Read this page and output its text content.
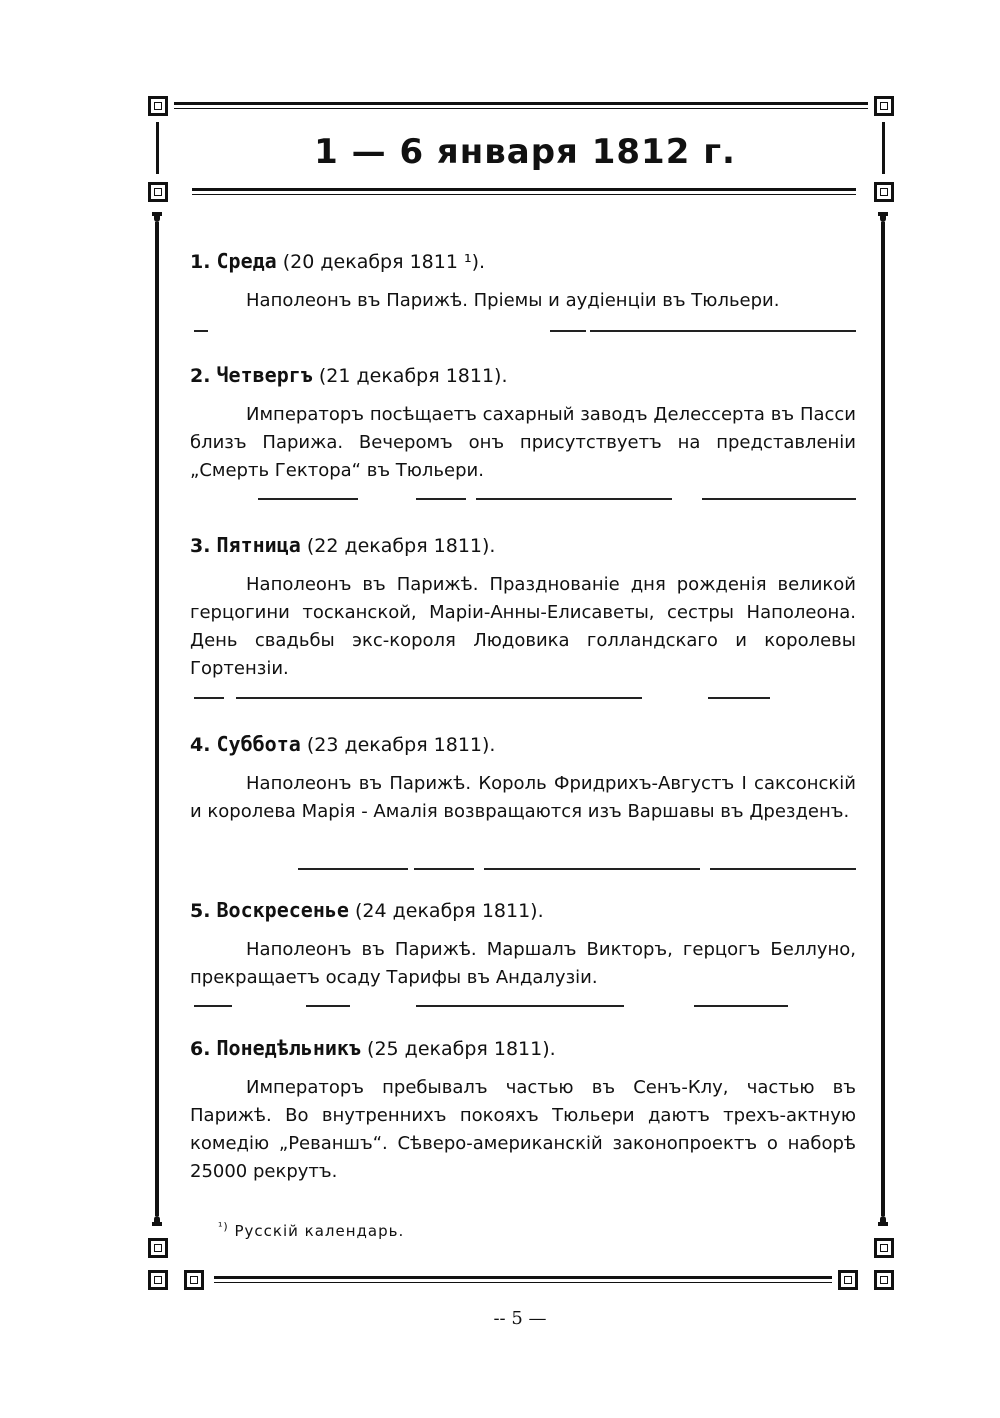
1 — 6 января 1812 г.

1. Среда (20 декабря 1811 ¹).

Наполеонъ въ Парижѣ. Пріемы и аудіенціи въ Тюльери.

2. Четвергъ (21 декабря 1811).

Императоръ посѣщаетъ сахарный заводъ Делессерта въ Пасси близъ Парижа. Вечеромъ онъ присутствуетъ на представленіи „Смерть Гектора“ въ Тюльери.

3. Пятница (22 декабря 1811).

Наполеонъ въ Парижѣ. Празднованіе дня рожденія великой герцогини тосканской, Маріи-Анны-Елисаветы, сестры Наполеона. День свадьбы экс-короля Людовика голландскаго и королевы Гортензіи.

4. Суббота (23 декабря 1811).

Наполеонъ въ Парижѣ. Король Фридрихъ-Августъ I саксонскій и королева Марія - Амалія возвращаются изъ Варшавы въ Дрезденъ.

5. Воскресенье (24 декабря 1811).

Наполеонъ въ Парижѣ. Маршалъ Викторъ, герцогъ Беллуно, прекращаетъ осаду Тарифы въ Андалузіи.

6. Понедѣльникъ (25 декабря 1811).

Императоръ пребывалъ частью въ Сенъ-Клу, частью въ Парижѣ. Во внутреннихъ покояхъ Тюльери даютъ трехъ-актную комедію „Реваншъ“. Сѣверо-американскій законопроектъ о наборѣ 25000 рекрутъ.

$^{^1)}$ Русскій календарь.
-- 5 —
